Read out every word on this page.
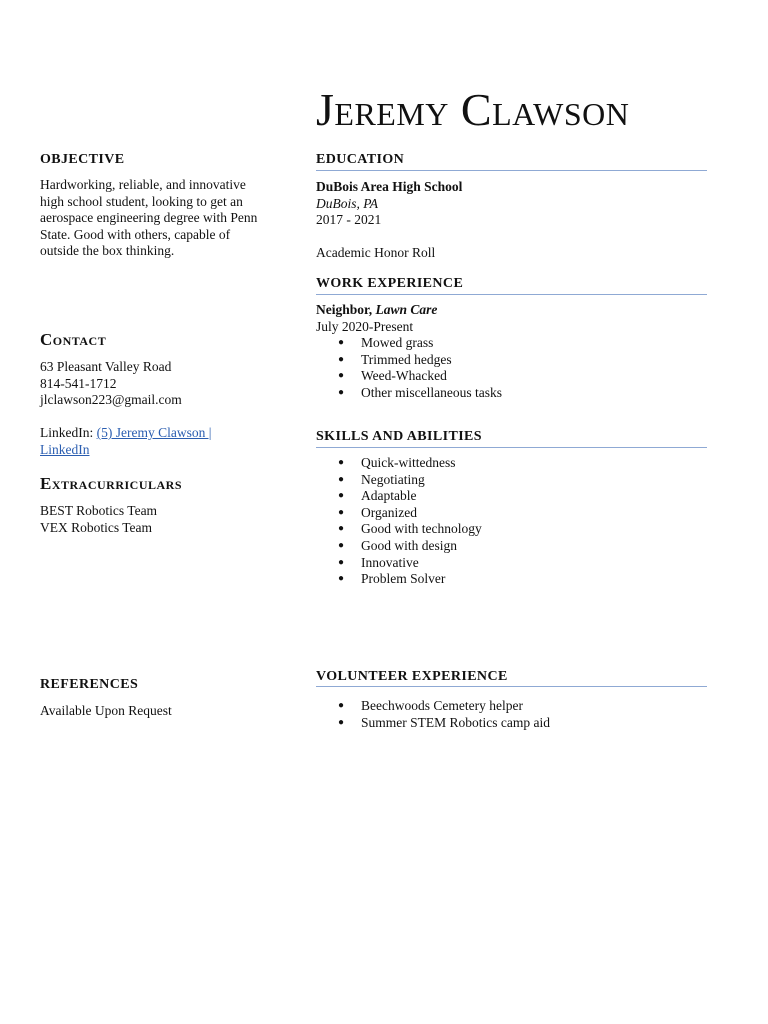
Jeremy Clawson
OBJECTIVE
Hardworking, reliable, and innovative
high school student, looking to get an
aerospace engineering degree with Penn
State. Good with others, capable of
outside the box thinking.
Contact
63 Pleasant Valley Road
814-541-1712
jlclawson223@gmail.com
LinkedIn: (5) Jeremy Clawson |
LinkedIn
Extracurriculars
BEST Robotics Team
VEX Robotics Team
REFERENCES
Available Upon Request
EDUCATION
DuBois Area High School
DuBois, PA
2017 - 2021
Academic Honor Roll
WORK EXPERIENCE
Neighbor, Lawn Care
July 2020-Present
● Mowed grass
● Trimmed hedges
● Weed-Whacked
● Other miscellaneous tasks
SKILLS AND ABILITIES
● Quick-wittedness
● Negotiating
● Adaptable
● Organized
● Good with technology
● Good with design
● Innovative
● Problem Solver
VOLUNTEER EXPERIENCE
● Beechwoods Cemetery helper
● Summer STEM Robotics camp aid
